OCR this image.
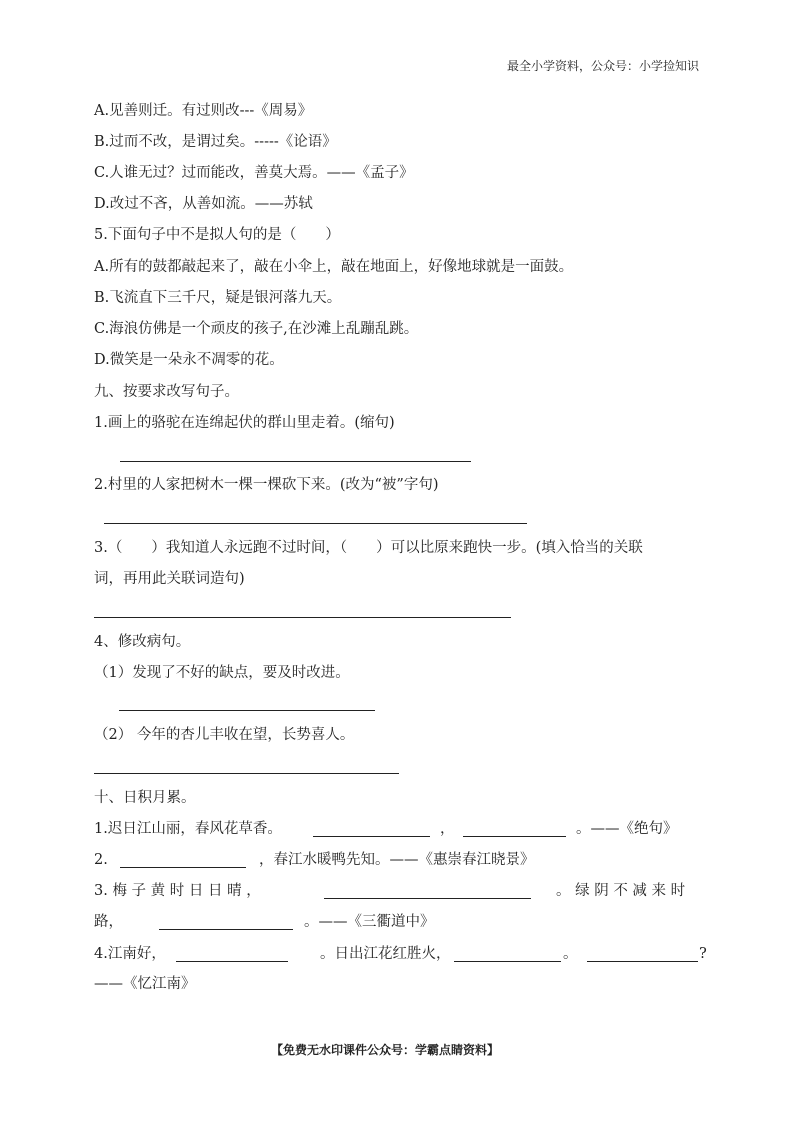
最全小学资料，公众号：小学捡知识
A.见善则迁。有过则改---《周易》
B.过而不改，是谓过矣。-----《论语》
C.人谁无过？过而能改，善莫大焉。——《孟子》
D.改过不吝，从善如流。——苏轼
5.下面句子中不是拟人句的是（　　）
A.所有的鼓都敲起来了，敲在小伞上，敲在地面上，好像地球就是一面鼓。
B.飞流直下三千尺，疑是银河落九天。
C.海浪仿佛是一个顽皮的孩子,在沙滩上乱蹦乱跳。
D.微笑是一朵永不凋零的花。
九、按要求改写句子。
1.画上的骆驼在连绵起伏的群山里走着。(缩句)
2.村里的人家把树木一棵一棵砍下来。(改为“被”字句)
3.（　　）我知道人永远跑不过时间，（　　）可以比原来跑快一步。(填入恰当的关联
词，再用此关联词造句)
4、修改病句。
（1）发现了不好的缺点，要及时改进。
（2） 今年的杏儿丰收在望，长势喜人。
十、日积月累。
1.迟日江山丽，春风花草香。	，	。——《绝句》
2.	，春江水暖鸭先知。——《惠崇春江晓景》
3. 梅 子 黄 时 日 日 晴 ，	。 绿 阴 不 减 来 时
路，	。——《三衢道中》
4.江南好，	。日出江花红胜火，	。	?
——《忆江南》
【免费无水印课件公众号：学霸点睛资料】
